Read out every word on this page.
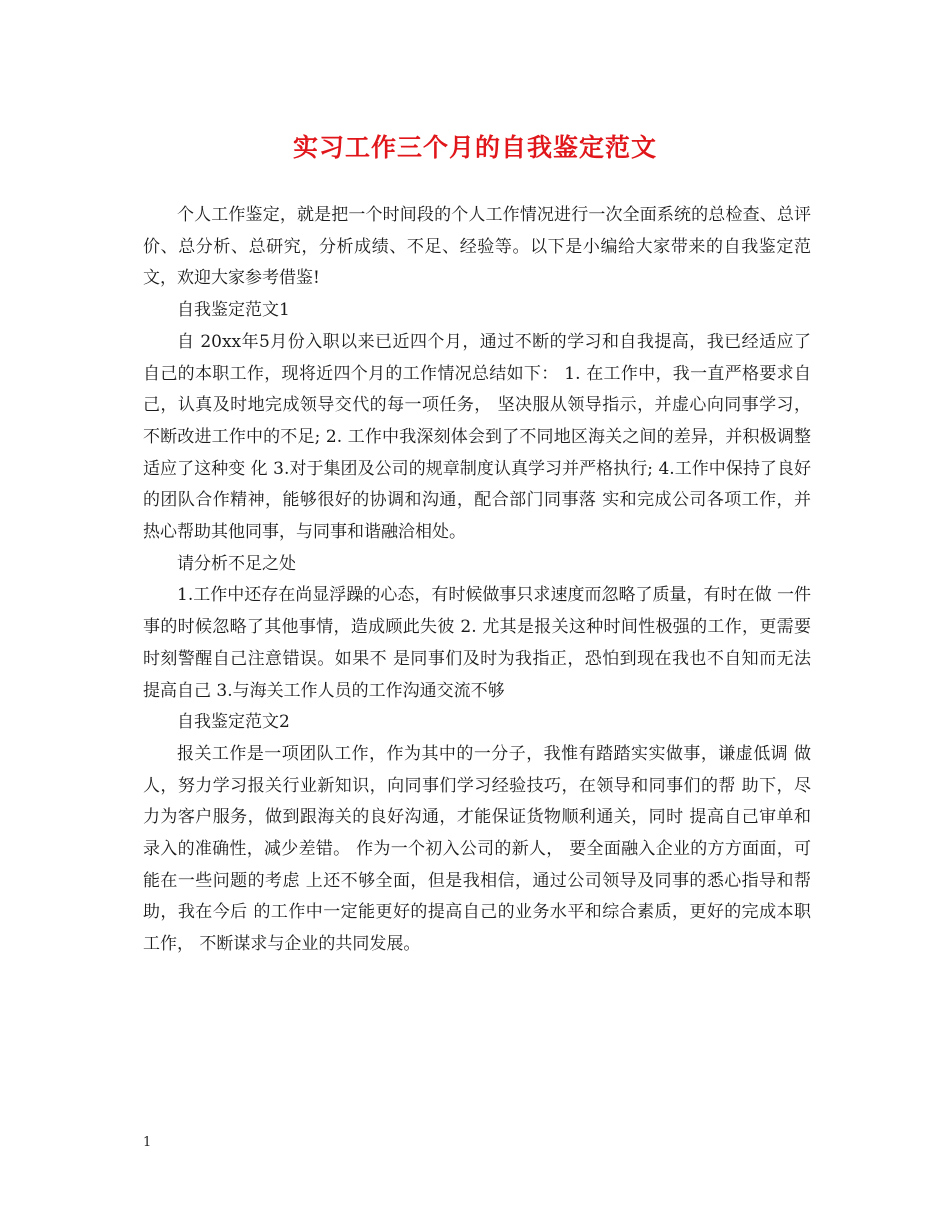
实习工作三个月的自我鉴定范文

个人工作鉴定，就是把一个时间段的个人工作情况进行一次全面系统的总检查、总评价、总分析、总研究，分析成绩、不足、经验等。以下是小编给大家带来的自我鉴定范文，欢迎大家参考借鉴!

自我鉴定范文1

自 20xx年5月份入职以来已近四个月，通过不断的学习和自我提高，我已经适应了自己的本职工作，现将近四个月的工作情况总结如下： 1. 在工作中，我一直严格要求自己，认真及时地完成领导交代的每一项任务， 坚决服从领导指示，并虚心向同事学习，不断改进工作中的不足; 2. 工作中我深刻体会到了不同地区海关之间的差异，并积极调整适应了这种变 化 3.对于集团及公司的规章制度认真学习并严格执行; 4.工作中保持了良好的团队合作精神，能够很好的协调和沟通，配合部门同事落 实和完成公司各项工作，并热心帮助其他同事，与同事和谐融洽相处。

请分析不足之处

1.工作中还存在尚显浮躁的心态，有时候做事只求速度而忽略了质量，有时在做 一件事的时候忽略了其他事情，造成顾此失彼 2. 尤其是报关这种时间性极强的工作，更需要时刻警醒自己注意错误。如果不 是同事们及时为我指正，恐怕到现在我也不自知而无法提高自己 3.与海关工作人员的工作沟通交流不够

自我鉴定范文2

报关工作是一项团队工作，作为其中的一分子，我惟有踏踏实实做事，谦虚低调 做人，努力学习报关行业新知识，向同事们学习经验技巧，在领导和同事们的帮 助下，尽力为客户服务，做到跟海关的良好沟通，才能保证货物顺利通关，同时 提高自己审单和录入的准确性，减少差错。 作为一个初入公司的新人， 要全面融入企业的方方面面，可能在一些问题的考虑 上还不够全面，但是我相信，通过公司领导及同事的悉心指导和帮助，我在今后 的工作中一定能更好的提高自己的业务水平和综合素质，更好的完成本职工作， 不断谋求与企业的共同发展。

1
